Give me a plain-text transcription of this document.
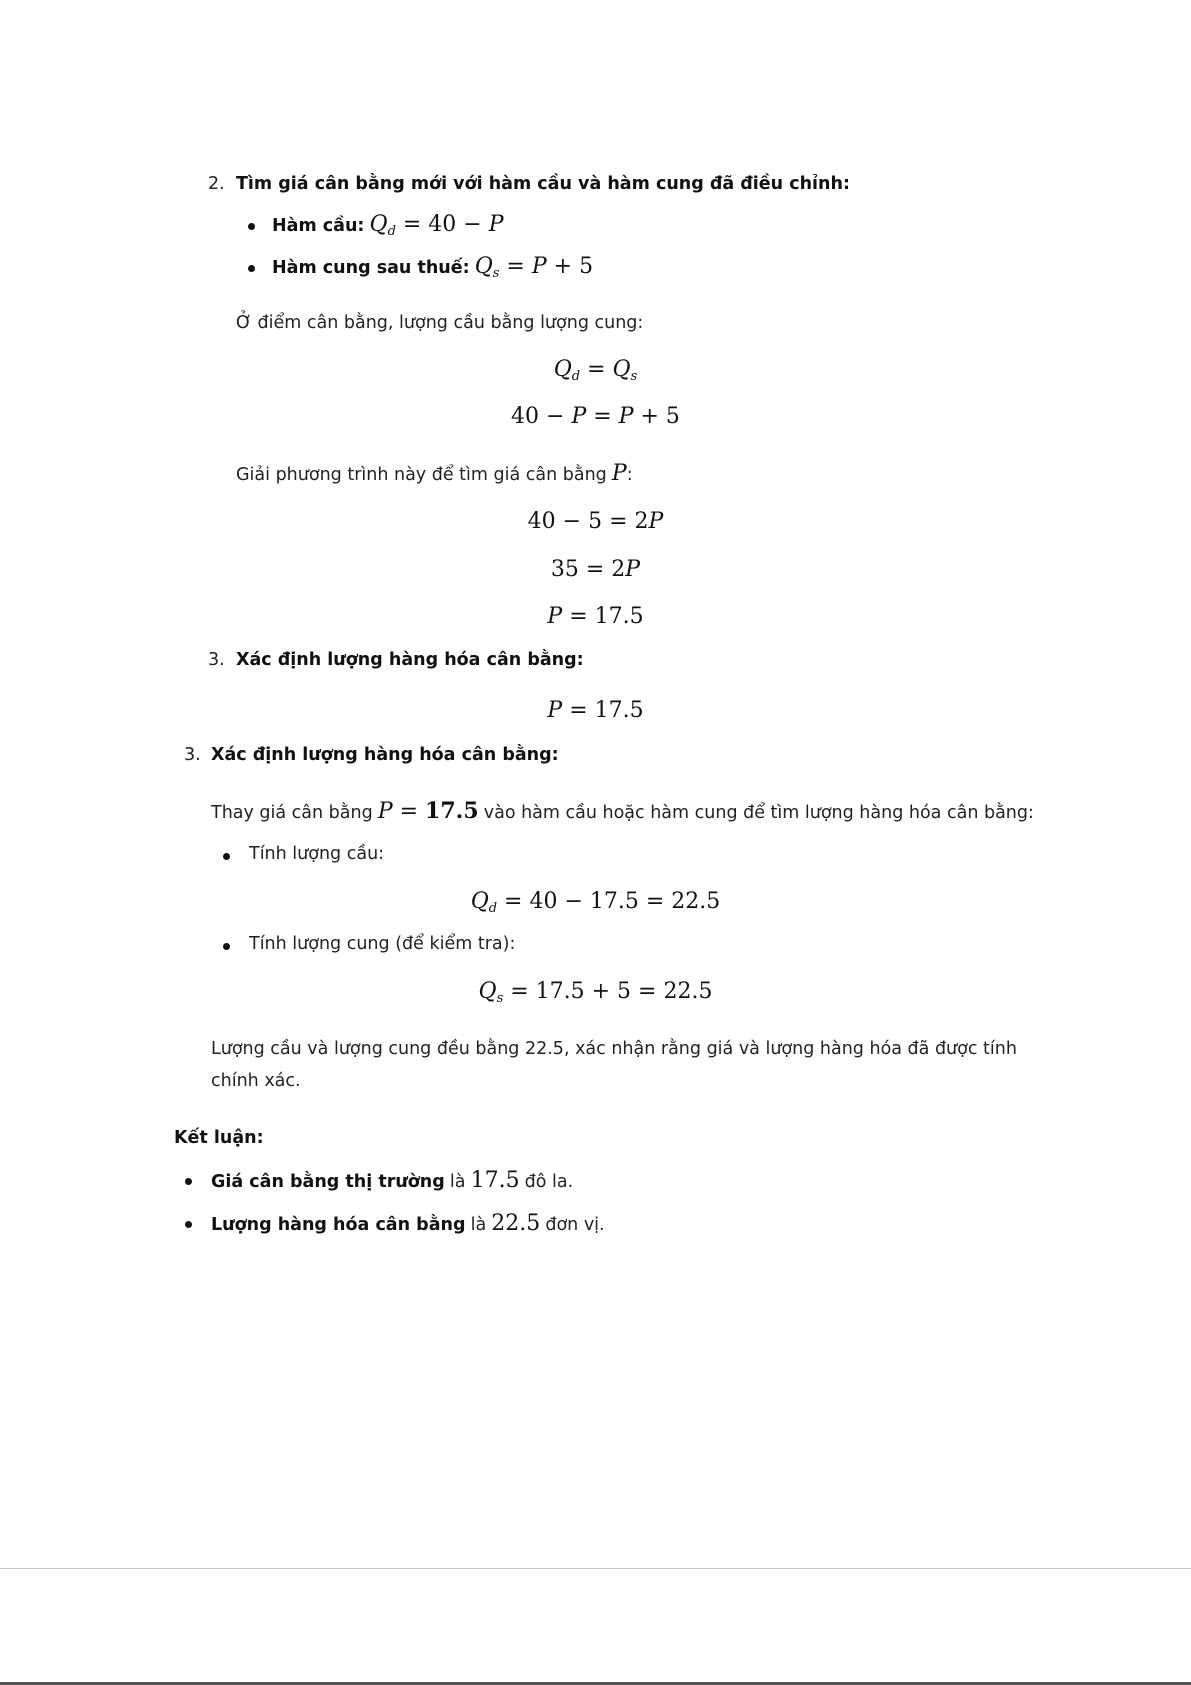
2. Tìm giá cân bằng mới với hàm cầu và hàm cung đã điều chỉnh:
Hàm cầu: $Q_d = 40 - P$
Hàm cung sau thuế: $Q_s = P + 5$
Ở điểm cân bằng, lượng cầu bằng lượng cung:
$Q_d = Q_s$
40 − P = P + 5
Giải phương trình này để tìm giá cân bằng P:
40 − 5 = 2P
35 = 2P
P = 17.5
3. Xác định lượng hàng hóa cân bằng:
P = 17.5
3. Xác định lượng hàng hóa cân bằng:
Thay giá cân bằng P = 17.5 vào hàm cầu hoặc hàm cung để tìm lượng hàng hóa cân bằng:
Tính lượng cầu:
$Q_d = 40 - 17.5 = 22.5$
Tính lượng cung (để kiểm tra):
$Q_s = 17.5 + 5 = 22.5$
Lượng cầu và lượng cung đều bằng 22.5, xác nhận rằng giá và lượng hàng hóa đã được tính
chính xác.
Kết luận:
Giá cân bằng thị trường là 17.5 đô la.
Lượng hàng hóa cân bằng là 22.5 đơn vị.
